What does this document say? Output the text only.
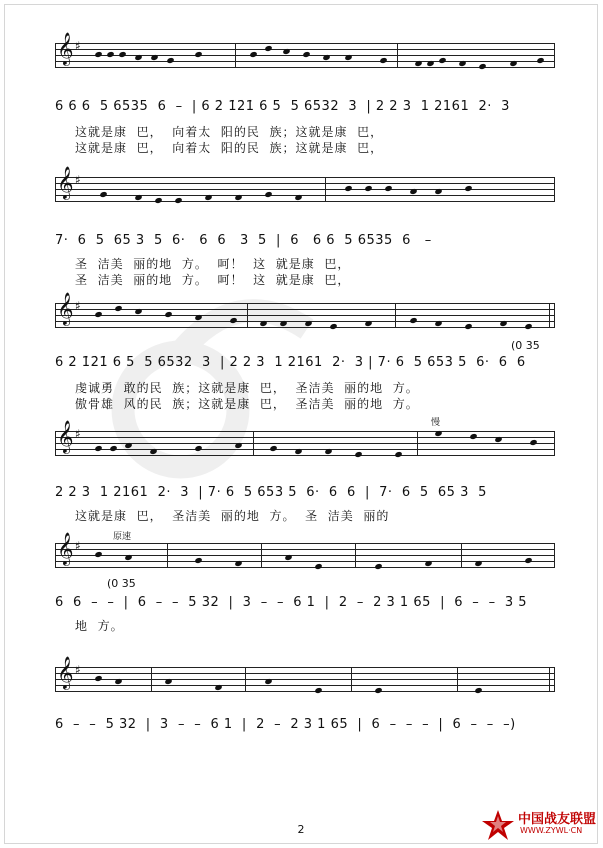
𝄞 ♯
6 6 6  5 6535  6  –  | 6 2̇ 1̇2̇1̇ 6 5  5 6532  3  | 2 2 3  1 2161  2·  3
这就是康  巴，  向着太  阳的民  族；这就是康  巴，
这就是康  巴，  向着太  阳的民  族；这就是康  巴，
𝄞 ♯
7·  6  5  65 3  5  6·   6  6   3  5  |  6   6 6  5 6535  6   –
圣  洁美  丽的地  方。  呵！  这  就是康  巴，
圣  洁美  丽的地  方。  呵！  这  就是康  巴，
𝄞 ♯
(0 35
6 2̇ 1̇2̇1̇ 6 5  5 6532  3  | 2 2 3  1 2161  2·  3 | 7· 6  5 653 5  6·  6  6
虔诚勇  敢的民  族；这就是康  巴，  圣洁美  丽的地  方。
傲骨雄  风的民  族；这就是康  巴，  圣洁美  丽的地  方。
慢
𝄞 ♯
2 2 3  1 2161  2·  3  | 7· 6  5 653 5  6·  6  6  |  7·  6  5  65 3  5
这就是康  巴，  圣洁美  丽的地  方。  圣  洁美  丽的
原速
𝄞 ♯
(0 35
6  6  –  –  |  6  –  –  5 32  |  3  –  –  6 1  |  2  –  2 3 1 65  |  6  –  –  3 5
地  方。
𝄞 ♯
6  –  –  5 32  |  3  –  –  6 1  |  2  –  2 3 1 65  |  6  –  –  –  |  6  –  –  –)
2
中国战友联盟
WWW.ZYWL·CN
